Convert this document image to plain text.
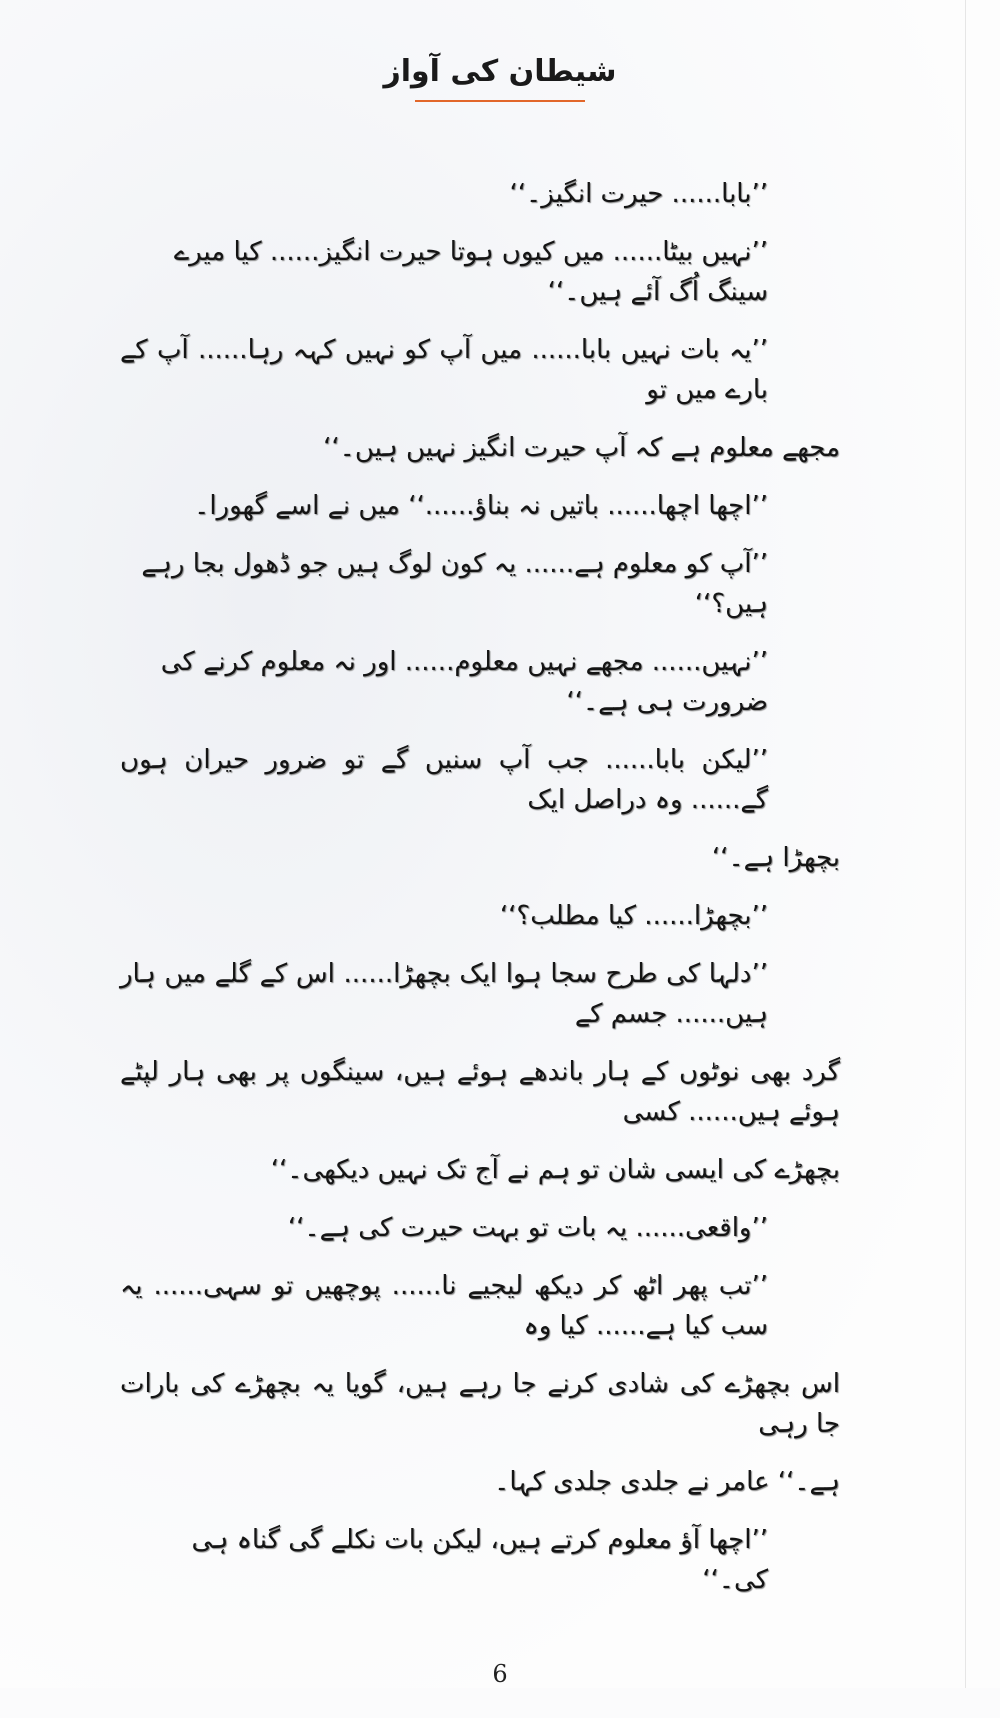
شیطان کی آواز
’’بابا...... حیرت انگیز۔‘‘
’’نہیں بیٹا...... میں کیوں ہوتا حیرت انگیز...... کیا میرے سینگ اُگ آئے ہیں۔‘‘
’’یہ بات نہیں بابا...... میں آپ کو نہیں کہہ رہا...... آپ کے بارے میں تو
مجھے معلوم ہے کہ آپ حیرت انگیز نہیں ہیں۔‘‘
’’اچھا اچھا...... باتیں نہ بناؤ......‘‘ میں نے اسے گھورا۔
’’آپ کو معلوم ہے...... یہ کون لوگ ہیں جو ڈھول بجا رہے ہیں؟‘‘
’’نہیں...... مجھے نہیں معلوم...... اور نہ معلوم کرنے کی ضرورت ہی ہے۔‘‘
’’لیکن بابا...... جب آپ سنیں گے تو ضرور حیران ہوں گے...... وہ دراصل ایک
بچھڑا ہے۔‘‘
’’بچھڑا...... کیا مطلب؟‘‘
’’دلہا کی طرح سجا ہوا ایک بچھڑا...... اس کے گلے میں ہار ہیں...... جسم کے
گرد بھی نوٹوں کے ہار باندھے ہوئے ہیں، سینگوں پر بھی ہار لپٹے ہوئے ہیں...... کسی
بچھڑے کی ایسی شان تو ہم نے آج تک نہیں دیکھی۔‘‘
’’واقعی...... یہ بات تو بہت حیرت کی ہے۔‘‘
’’تب پھر اٹھ کر دیکھ لیجیے نا...... پوچھیں تو سہی...... یہ سب کیا ہے...... کیا وہ
اس بچھڑے کی شادی کرنے جا رہے ہیں، گویا یہ بچھڑے کی بارات جا رہی
ہے۔‘‘ عامر نے جلدی جلدی کہا۔
’’اچھا آؤ معلوم کرتے ہیں، لیکن بات نکلے گی گناہ ہی کی۔‘‘
6
